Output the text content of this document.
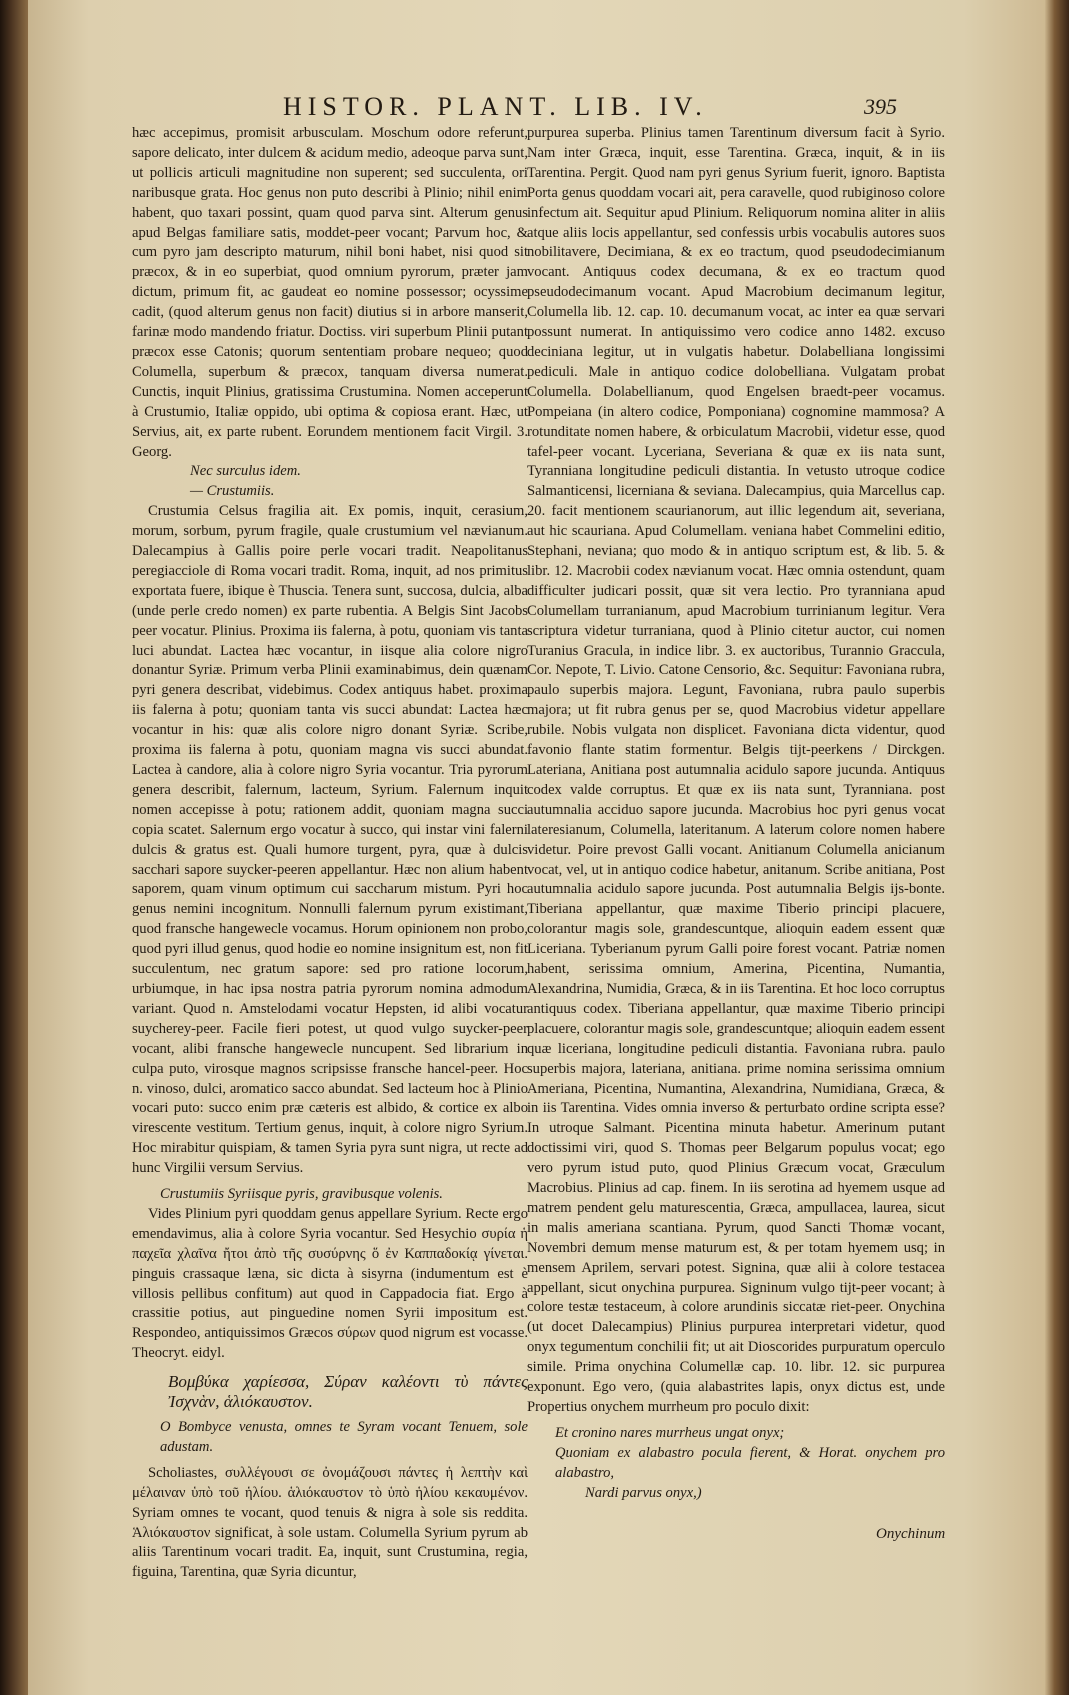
HISTOR. PLANT. LIB. IV.	395

hæc accepimus, promisit arbusculam. Moschum odore referunt, sapore delicato, inter dulcem & acidum medio, adeoque parva sunt, ut pollicis articuli magnitudine non superent; sed succulenta, ori naribusque grata. Hoc genus non puto describi à Plinio; nihil enim habent, quo taxari possint, quam quod parva sint. Alterum genus apud Belgas familiare satis, moddet-peer vocant; Parvum hoc, & cum pyro jam descripto maturum, nihil boni habet, nisi quod sit præcox, & in eo superbiat, quod omnium pyrorum, præter jam dictum, primum fit, ac gaudeat eo nomine possessor; ocyssime cadit, (quod alterum genus non facit) diutius si in arbore manserit, farinæ modo mandendo friatur. Doctiss. viri superbum Plinii putant præcox esse Catonis; quorum sententiam probare nequeo; quod Columella, superbum & præcox, tanquam diversa numerat. Cunctis, inquit Plinius, gratissima Crustumina. Nomen acceperunt à Crustumio, Italiæ oppido, ubi optima & copiosa erant. Hæc, ut Servius, ait, ex parte rubent. Eorundem mentionem facit Virgil. 3. Georg.

Nec surculus idem.

— Crustumiis.

Crustumia Celsus fragilia ait. Ex pomis, inquit, cerasium, morum, sorbum, pyrum fragile, quale crustumium vel nævianum. Dalecampius à Gallis poire perle vocari tradit. Neapolitanus peregiacciole di Roma vocari tradit. Roma, inquit, ad nos primitus exportata fuere, ibique è Thuscia. Tenera sunt, succosa, dulcia, alba (unde perle credo nomen) ex parte rubentia. A Belgis Sint Jacobs peer vocatur. Plinius. Proxima iis falerna, à potu, quoniam vis tanta luci abundat. Lactea hæc vocantur, in iisque alia colore nigro donantur Syriæ. Primum verba Plinii examinabimus, dein quænam pyri genera describat, videbimus. Codex antiquus habet. proxima iis falerna à potu; quoniam tanta vis succi abundat: Lactea hæc vocantur in his: quæ alis colore nigro donant Syriæ. Scribe, proxima iis falerna à potu, quoniam magna vis succi abundat. Lactea à candore, alia à colore nigro Syria vocantur. Tria pyrorum genera describit, falernum, lacteum, Syrium. Falernum inquit nomen accepisse à potu; rationem addit, quoniam magna succi copia scatet. Salernum ergo vocatur à succo, qui instar vini falerni dulcis & gratus est. Quali humore turgent, pyra, quæ à dulcis sacchari sapore suycker-peeren appellantur. Hæc non alium habent saporem, quam vinum optimum cui saccharum mistum. Pyri hoc genus nemini incognitum. Nonnulli falernum pyrum existimant, quod fransche hangewecle vocamus. Horum opinionem non probo, quod pyri illud genus, quod hodie eo nomine insignitum est, non fit succulentum, nec gratum sapore: sed pro ratione locorum, urbiumque, in hac ipsa nostra patria pyrorum nomina admodum variant. Quod n. Amstelodami vocatur Hepsten, id alibi vocatur suycherey-peer. Facile fieri potest, ut quod vulgo suycker-peer vocant, alibi fransche hangewecle nuncupent. Sed librarium in culpa puto, virosque magnos scripsisse fransche hancel-peer. Hoc n. vinoso, dulci, aromatico sacco abundat. Sed lacteum hoc à Plinio vocari puto: succo enim præ cæteris est albido, & cortice ex albo virescente vestitum. Tertium genus, inquit, à colore nigro Syrium. Hoc mirabitur quispiam, & tamen Syria pyra sunt nigra, ut recte ad hunc Virgilii versum Servius.

Crustumiis Syriisque pyris, gravibusque volenis.

Vides Plinium pyri quoddam genus appellare Syrium. Recte ergo emendavimus, alia à colore Syria vocantur. Sed Hesychio συρία ἡ παχεῖα χλαῖνα ἤτοι ἀπὸ τῆς συσύρνης ὅ ἐν Καππαδοκίᾳ γίνεται. pinguis crassaque læna, sic dicta à sisyrna (indumentum est è villosis pellibus confitum) aut quod in Cappadocia fiat. Ergo à crassitie potius, aut pinguedine nomen Syrii impositum est. Respondeo, antiquissimos Græcos σύρων quod nigrum est vocasse. Theocryt. eidyl.

Βομβύκα χαρίεσσα, Σύραν καλέοντι τὺ πάντες Ἰσχνὰν, ἁλιόκαυστον.

O Bombyce venusta, omnes te Syram vocant Tenuem, sole adustam.

Scholiastes, συλλέγουσι σε ὀνομάζουσι πάντες ἡ λεπτὴν καὶ μέλαιναν ὑπὸ τοῦ ἡλίου. ἁλιόκαυστον τὸ ὑπὸ ἡλίου κεκαυμένον. Syriam omnes te vocant, quod tenuis & nigra à sole sis reddita. Ἁλιόκαυστον significat, à sole ustam. Columella Syrium pyrum ab aliis Tarentinum vocari tradit. Ea, inquit, sunt Crustumina, regia, figuina, Tarentina, quæ Syria dicuntur,

purpurea superba. Plinius tamen Tarentinum diversum facit à Syrio. Nam inter Græca, inquit, esse Tarentina. Græca, inquit, & in iis Tarentina. Pergit. Quod nam pyri genus Syrium fuerit, ignoro. Baptista Porta genus quoddam vocari ait, pera caravelle, quod rubiginoso colore infectum ait. Sequitur apud Plinium. Reliquorum nomina aliter in aliis atque aliis locis appellantur, sed confessis urbis vocabulis autores suos nobilitavere, Decimiana, & ex eo tractum, quod pseudodecimianum vocant. Antiquus codex decumana, & ex eo tractum quod pseudodecimanum vocant. Apud Macrobium decimanum legitur, Columella lib. 12. cap. 10. decumanum vocat, ac inter ea quæ servari possunt numerat. In antiquissimo vero codice anno 1482. excuso deciniana legitur, ut in vulgatis habetur. Dolabelliana longissimi pediculi. Male in antiquo codice dolobelliana. Vulgatam probat Columella. Dolabellianum, quod Engelsen braedt-peer vocamus. Pompeiana (in altero codice, Pomponiana) cognomine mammosa? A rotunditate nomen habere, & orbiculatum Macrobii, videtur esse, quod tafel-peer vocant. Lyceriana, Severiana & quæ ex iis nata sunt, Tyranniana longitudine pediculi distantia. In vetusto utroque codice Salmanticensi, licerniana & seviana. Dalecampius, quia Marcellus cap. 20. facit mentionem scaurianorum, aut illic legendum ait, severiana, aut hic scauriana. Apud Columellam. veniana habet Commelini editio, Stephani, neviana; quo modo & in antiquo scriptum est, & lib. 5. & libr. 12. Macrobii codex nævianum vocat. Hæc omnia ostendunt, quam difficulter judicari possit, quæ sit vera lectio. Pro tyranniana apud Columellam turranianum, apud Macrobium turrinianum legitur. Vera scriptura videtur turraniana, quod à Plinio citetur auctor, cui nomen Turanius Gracula, in indice libr. 3. ex auctoribus, Turannio Graccula, Cor. Nepote, T. Livio. Catone Censorio, &c. Sequitur: Favoniana rubra, paulo superbis majora. Legunt, Favoniana, rubra paulo superbis majora; ut fit rubra genus per se, quod Macrobius videtur appellare rubile. Nobis vulgata non displicet. Favoniana dicta videntur, quod favonio flante statim formentur. Belgis tijt-peerkens / Dirckgen. Lateriana, Anitiana post autumnalia acidulo sapore jucunda. Antiquus codex valde corruptus. Et quæ ex iis nata sunt, Tyranniana. post autumnalia acciduo sapore jucunda. Macrobius hoc pyri genus vocat lateresianum, Columella, lateritanum. A laterum colore nomen habere videtur. Poire prevost Galli vocant. Anitianum Columella anicianum vocat, vel, ut in antiquo codice habetur, anitanum. Scribe anitiana, Post autumnalia acidulo sapore jucunda. Post autumnalia Belgis ijs-bonte. Tiberiana appellantur, quæ maxime Tiberio principi placuere, colorantur magis sole, grandescuntque, alioquin eadem essent quæ Liceriana. Tyberianum pyrum Galli poire forest vocant. Patriæ nomen habent, serissima omnium, Amerina, Picentina, Numantia, Alexandrina, Numidia, Græca, & in iis Tarentina. Et hoc loco corruptus antiquus codex. Tiberiana appellantur, quæ maxime Tiberio principi placuere, colorantur magis sole, grandescuntque; alioquin eadem essent quæ liceriana, longitudine pediculi distantia. Favoniana rubra. paulo superbis majora, lateriana, anitiana. prime nomina serissima omnium Ameriana, Picentina, Numantina, Alexandrina, Numidiana, Græca, & in iis Tarentina. Vides omnia inverso & perturbato ordine scripta esse? In utroque Salmant. Picentina minuta habetur. Amerinum putant doctissimi viri, quod S. Thomas peer Belgarum populus vocat; ego vero pyrum istud puto, quod Plinius Græcum vocat, Græculum Macrobius. Plinius ad cap. finem. In iis serotina ad hyemem usque ad matrem pendent gelu maturescentia, Græca, ampullacea, laurea, sicut in malis ameriana scantiana. Pyrum, quod Sancti Thomæ vocant, Novembri demum mense maturum est, & per totam hyemem usq; in mensem Aprilem, servari potest. Signina, quæ alii à colore testacea appellant, sicut onychina purpurea. Signinum vulgo tijt-peer vocant; à colore testæ testaceum, à colore arundinis siccatæ riet-peer. Onychina (ut docet Dalecampius) Plinius purpurea interpretari videtur, quod onyx tegumentum conchilii fit; ut ait Dioscorides purpuratum operculo simile. Prima onychina Columellæ cap. 10. libr. 12. sic purpurea exponunt. Ego vero, (quia alabastrites lapis, onyx dictus est, unde Propertius onychem murrheum pro poculo dixit:

Et cronino nares murrheus ungat onyx;

Quoniam ex alabastro pocula fierent, & Horat. onychem pro alabastro,

Nardi parvus onyx,)

Onychinum
